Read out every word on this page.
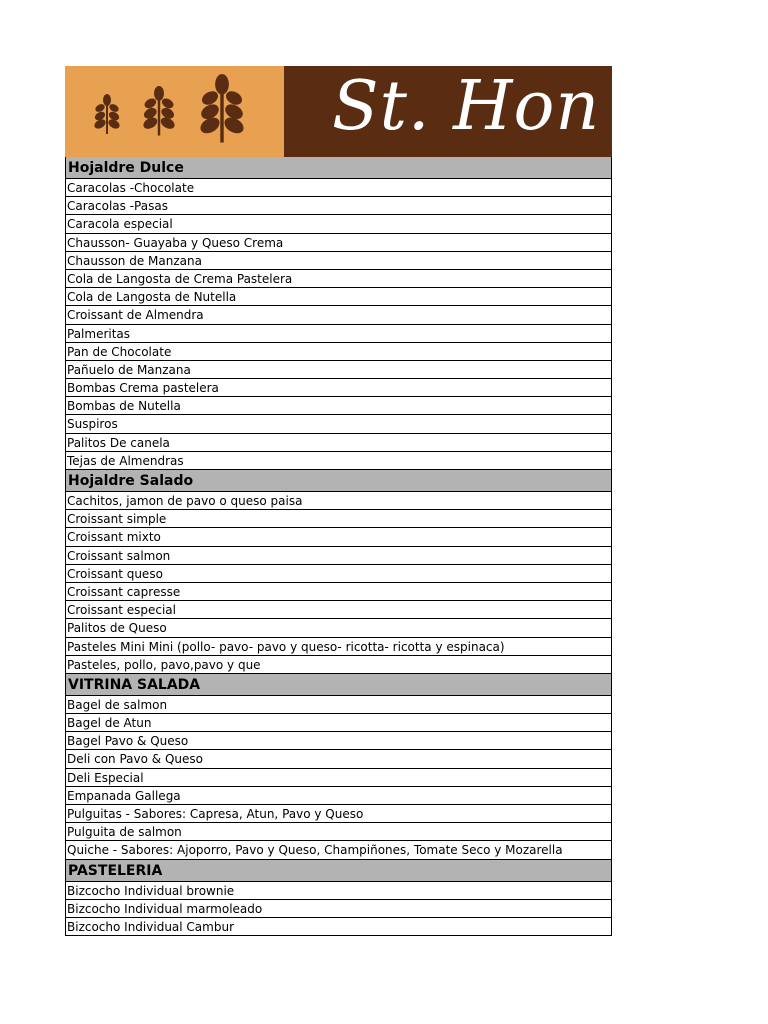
St. Hon
Hojaldre Dulce
Caracolas -Chocolate
Caracolas -Pasas
Caracola especial
Chausson- Guayaba y Queso Crema
Chausson de Manzana
Cola de Langosta de Crema Pastelera
Cola de Langosta de Nutella
Croissant de Almendra
Palmeritas
Pan de Chocolate
Pañuelo de Manzana
Bombas Crema pastelera
Bombas de Nutella
Suspiros
Palitos De canela
Tejas de Almendras
Hojaldre Salado
Cachitos, jamon de pavo o queso paisa
Croissant simple
Croissant mixto
Croissant salmon
Croissant queso
Croissant capresse
Croissant especial
Palitos de Queso
Pasteles Mini Mini (pollo- pavo- pavo y queso- ricotta- ricotta y espinaca)
Pasteles, pollo, pavo,pavo y que
VITRINA SALADA
Bagel de salmon
Bagel de Atun
Bagel Pavo & Queso
Deli con Pavo & Queso
Deli Especial
Empanada Gallega
Pulguitas - Sabores: Capresa, Atun, Pavo y Queso
Pulguita de salmon
Quiche - Sabores: Ajoporro, Pavo y Queso, Champiñones, Tomate Seco y Mozarella
PASTELERIA
Bizcocho Individual brownie
Bizcocho Individual marmoleado
Bizcocho Individual Cambur
